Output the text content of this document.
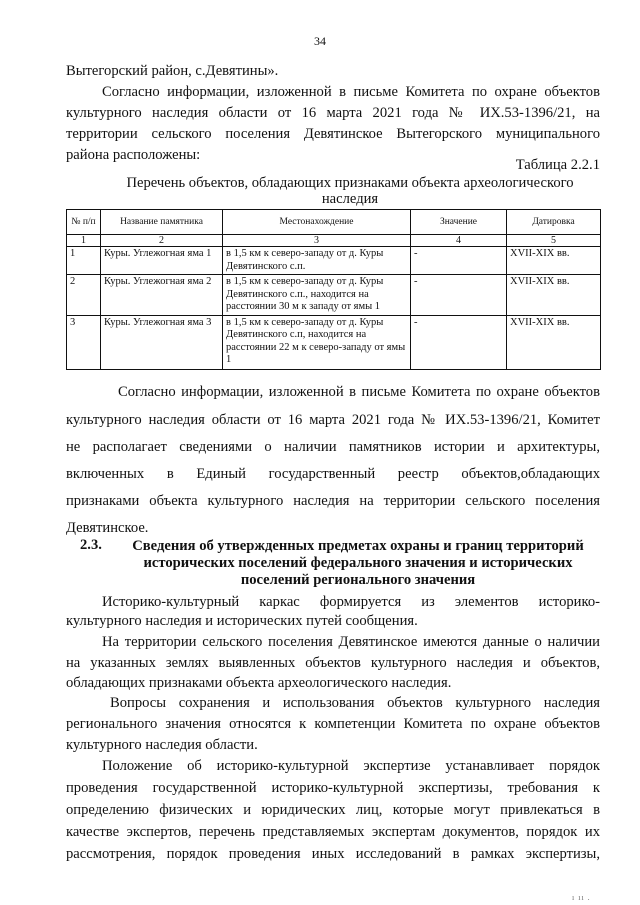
34
Вытегорский район, с.Девятины».
Согласно информации, изложенной в письме Комитета по охране объектов
культурного наследия области от 16 марта 2021 года № ИХ.53-1396/21, на
территории сельского поселения Девятинское Вытегорского муниципального
района расположены:
Таблица 2.2.1
Перечень объектов, обладающих признаками объекта археологического
наследия
№ п/п	Название памятника	Местонахождение	Значение	Датировка
1	2	3	4	5
1	Куры. Углежогная яма 1	в 1,5 км к северо-западу от д. Куры Девятинского с.п.	-	XVII-XIX вв.
2	Куры. Углежогная яма 2	в 1,5 км к северо-западу от д. Куры Девятинского с.п., находится на расстоянии 30 м к западу от ямы 1	-	XVII-XIX вв.
3	Куры. Углежогная яма 3	в 1,5 км к северо-западу от д. Куры Девятинского с.п, находится на расстоянии 22 м к северо-западу от ямы 1	-	XVII-XIX вв.
Согласно информации, изложенной в письме Комитета по охране объектов
культурного наследия области от 16 марта 2021 года № ИХ.53-1396/21, Комитет
не располагает сведениями о наличии памятников истории и архитектуры,
включенных в Единый государственный реестр объектов,обладающих
признаками объекта культурного наследия на территории сельского поселения
Девятинское.
2.3.	Сведения об утвержденных предметах охраны и границ территорий
исторических поселений федерального значения и исторических
поселений регионального значения
Историко-культурный каркас формируется из элементов историко-
культурного наследия и исторических путей сообщения.
На территории сельского поселения Девятинское имеются данные о наличии
на указанных землях выявленных объектов культурного наследия и объектов,
обладающих признаками объекта археологического наследия.
Вопросы сохранения и использования объектов культурного наследия
регионального значения относятся к компетенции Комитета по охране объектов
культурного наследия области.
Положение об историко-культурной экспертизе устанавливает порядок
проведения государственной историко-культурной экспертизы, требования к
определению физических и юридических лиц, которые могут привлекаться в
качестве экспертов, перечень представляемых экспертам документов, порядок их
рассмотрения, порядок проведения иных исследований в рамках экспертизы,
ı ıı .
